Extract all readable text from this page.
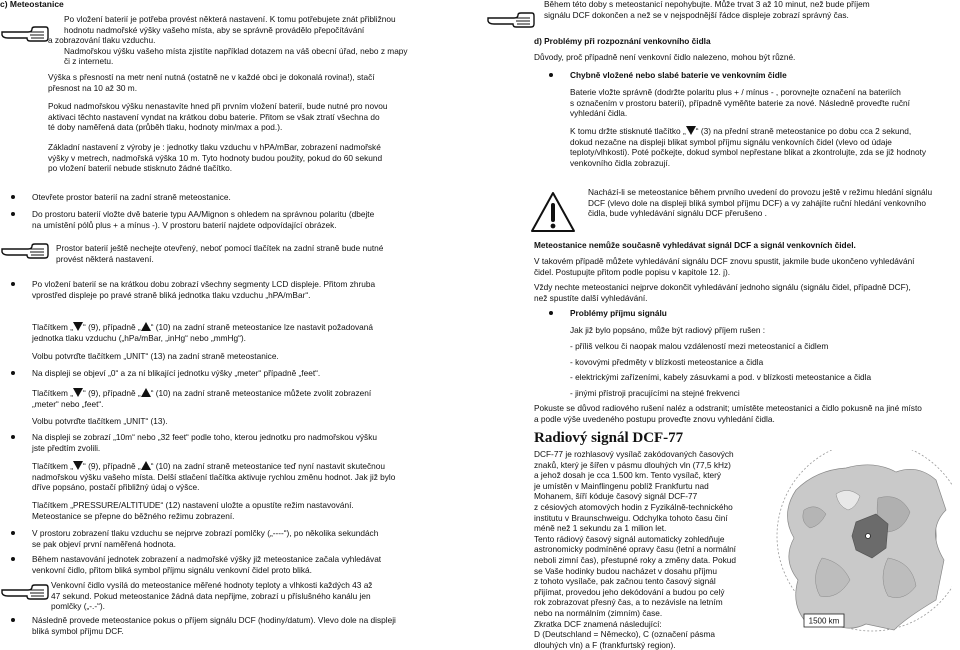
c) Meteostanice
Po vložení baterií je potřeba provést některá nastavení. K tomu potřebujete znát přibližnou
hodnotu nadmořské výšky vašeho místa, aby se správně provádělo přepočítávání
a zobrazování tlaku vzduchu.
Nadmořskou výšku vašeho místa zjistíte například dotazem na váš obecní úřad, nebo z mapy
či z internetu.
Výška s přesností na metr není nutná (ostatně ne v každé obci je dokonalá rovina!), stačí
přesnost na 10 až 30 m.
Pokud nadmořskou výšku nenastavíte hned při prvním vložení baterií, bude nutné pro novou
aktivaci těchto nastavení vyndat na krátkou dobu baterie. Přitom se však ztratí všechna do
té doby naměřená data (průběh tlaku, hodnoty min/max a pod.).
Základní nastavení z výroby je : jednotky tlaku vzduchu v hPA/mBar, zobrazení nadmořské
výšky v metrech, nadmořská výška 10 m. Tyto hodnoty budou použity, pokud do 60 sekund
po vložení baterií nebude stisknuto žádné tlačítko.
Otevřete prostor baterií na zadní straně meteostanice.
Do prostoru baterií vložte dvě baterie typu AA/Mignon s ohledem na správnou polaritu (dbejte
na umístění pólů plus + a mínus -). V prostoru baterií najdete odpovídající obrázek.
Prostor baterií ještě nechejte otevřený, neboť pomocí tlačítek na zadní straně bude nutné
provést některá nastavení.
Po vložení baterií se na krátkou dobu zobrazí všechny segmenty LCD displeje. Přitom zhruba
vprostřed displeje po pravé straně bliká jednotka tlaku vzduchu „hPA/mBar“.
Tlačítkem „ “ (9), případně „ “ (10) na zadní straně meteostanice lze nastavit požadovaná
jednotka tlaku vzduchu („hPa/mBar, „inHg“ nebo „mmHg“).
Volbu potvrďte tlačítkem „UNIT“ (13) na zadní straně meteostanice.
Na displeji se objeví „0“ a za ní blikající jednotku výšky „meter“ případně „feet“.
Tlačítkem „ “ (9), případně „ “ (10) na zadní straně meteostanice můžete zvolit zobrazení
„meter“ nebo „feet“.
Volbu potvrďte tlačítkem „UNIT“ (13).
Na displeji se zobrazí „10m“ nebo „32 feet“ podle toho, kterou jednotku pro nadmořskou výšku
jste předtím zvolili.
Tlačítkem „ “ (9), případně „ “ (10) na zadní straně meteostanice teď nyní nastavit skutečnou
nadmořskou výšku vašeho místa. Delší stlačení tlačítka aktivuje rychlou změnu hodnot. Jak již bylo
dříve popsáno, postačí přibližný údaj o výšce.
Tlačítkem „PRESSURE/ALTITUDE“ (12) nastavení uložte a opustíte režim nastavování.
Meteostanice se přepne do běžného režimu zobrazení.
V prostoru zobrazení tlaku vzduchu se nejprve zobrazí pomlčky („----“), po několika sekundách
se pak objeví první naměřená hodnota.
Během nastavování jednotek zobrazení a nadmořské výšky již meteostanice začala vyhledávat
venkovní čidlo, přitom bliká symbol příjmu signálu venkovní čidel proto bliká.
Venkovní čidlo vysílá do meteostanice měřené hodnoty teploty a vlhkosti každých 43 až
47 sekund. Pokud meteostanice žádná data nepřijme, zobrazí u příslušného kanálu jen
pomlčky („-.-“).
Následně provede meteostanice pokus o příjem signálu DCF (hodiny/datum). Vlevo dole na displeji
bliká symbol příjmu DCF.
Během této doby s meteostanicí nepohybujte. Může trvat 3 až 10 minut, než bude příjem
signálu DCF dokončen a než se v nejspodnější řádce displeje zobrazí správný čas.
d) Problémy při rozpoznání venkovního čidla
Důvody, proč případně není venkovní čidlo nalezeno, mohou být různé.
Chybně vložené nebo slabé baterie ve venkovním čidle
Baterie vložte správně (dodržte polaritu plus + / mínus - , porovnejte označení na bateriích
s označením v prostoru baterií), případně vyměňte baterie za nové. Následně proveďte ruční
vyhledání čidla.
K tomu držte stisknuté tlačítko „ “ (3) na přední straně meteostanice po dobu cca 2 sekund,
dokud nezačne na displeji blikat symbol příjmu signálu venkovních čidel (vlevo od údaje
teploty/vlhkosti). Poté počkejte, dokud symbol nepřestane blikat a zkontrolujte, zda se již hodnoty
venkovního čidla zobrazují.
Nachází-li se meteostanice během prvního uvedení do provozu ještě v režimu hledání signálu
DCF (vlevo dole na displeji bliká symbol příjmu DCF) a vy zahájíte ruční hledání venkovního
čidla, bude vyhledávání signálu DCF přerušeno .
Meteostanice nemůže současně vyhledávat signál DCF a signál venkovních čidel.
V takovém případě můžete vyhledávání signálu DCF znovu spustit, jakmile bude ukončeno vyhledávání
čidel. Postupujte přitom podle popisu v kapitole 12. j).
Vždy nechte meteostanici nejprve dokončit vyhledávání jednoho signálu (signálu čidel, případně DCF),
než spustíte další vyhledávání.
Problémy příjmu signálu
Jak již bylo popsáno, může být radiový příjem rušen :
- příliš velkou či naopak malou vzdáleností mezi meteostanicí a čidlem
- kovovými předměty v blízkosti meteostanice a čidla
- elektrickými zařízeními, kabely zásuvkami a pod. v blízkosti meteostanice a čidla
- jinými přístroji pracujícími na stejné frekvenci
Pokuste se důvod radiového rušení naléz a odstranit; umístěte meteostanici a čidlo pokusně na jiné místo
a podle výše uvedeného postupu proveďte znovu vyhledání čidla.
Radiový signál DCF-77
DCF-77 je rozhlasový vysílač zakódovaných časových
znaků, který je šířen v pásmu dlouhých vln (77,5 kHz)
a jehož dosah je cca 1.500 km. Tento vysílač, který
je umístěn v Mainflingenu poblíž Frankfurtu nad
Mohanem, šíří kóduje časový signál DCF-77
z césiových atomových hodin z Fyzikálně-technického
institutu v Braunschweigu. Odchylka tohoto času činí
méně než 1 sekundu za 1 milion let.
Tento rádiový časový signál automaticky zohledňuje
astronomicky podmíněné opravy času (letní a normální
neboli zimní čas), přestupné roky a změny data. Pokud
se Vaše hodinky budou nacházet v dosahu příjmu
z tohoto vysílače, pak začnou tento časový signál
přijímat, provedou jeho dekódování a budou po celý
rok zobrazovat přesný čas, a to nezávisle na letním
nebo na normálním (zimním) čase.
Zkratka DCF znamená následující:
D (Deutschland = Německo), C (označení pásma
dlouhých vln) a F (frankfurtský region).
1500 km
